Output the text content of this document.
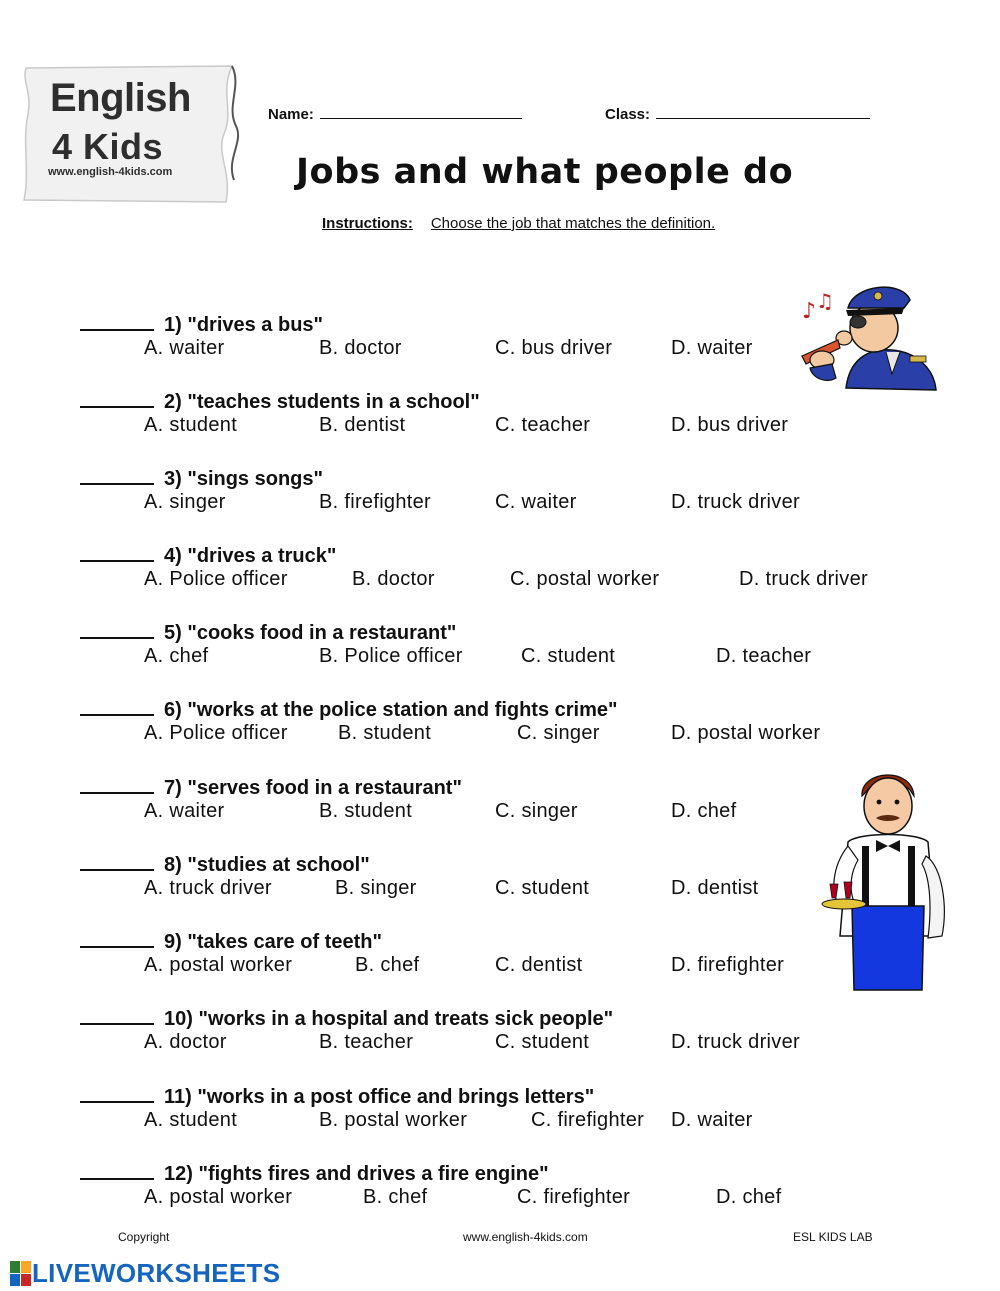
English
4 Kids
www.english-4kids.com
Name:	Class:
Jobs and what people do
Instructions: Choose the job that matches the definition.
♪ ♫
1) "drives a bus"
A. waiter	B. doctor	C. bus driver	D. waiter
2) "teaches students in a school"
A. student	B. dentist	C. teacher	D. bus driver
3) "sings songs"
A. singer	B. firefighter	C. waiter	D. truck driver
4) "drives a truck"
A. Police officer	B. doctor	C. postal worker	D. truck driver
5) "cooks food in a restaurant"
A. chef	B. Police officer	C. student	D. teacher
6) "works at the police station and fights crime"
A. Police officer	B. student	C. singer	D. postal worker
7) "serves food in a restaurant"
A. waiter	B. student	C. singer	D. chef
8) "studies at school"
A. truck driver	B. singer	C. student	D. dentist
9) "takes care of teeth"
A. postal worker	B. chef	C. dentist	D. firefighter
10) "works in a hospital and treats sick people"
A. doctor	B. teacher	C. student	D. truck driver
11) "works in a post office and brings letters"
A. student	B. postal worker	C. firefighter D. waiter
12) "fights fires and drives a fire engine"
A. postal worker	B. chef	C. firefighter	D. chef
Copyright	www.english-4kids.com	ESL KIDS LAB
LIVEWORKSHEETS
